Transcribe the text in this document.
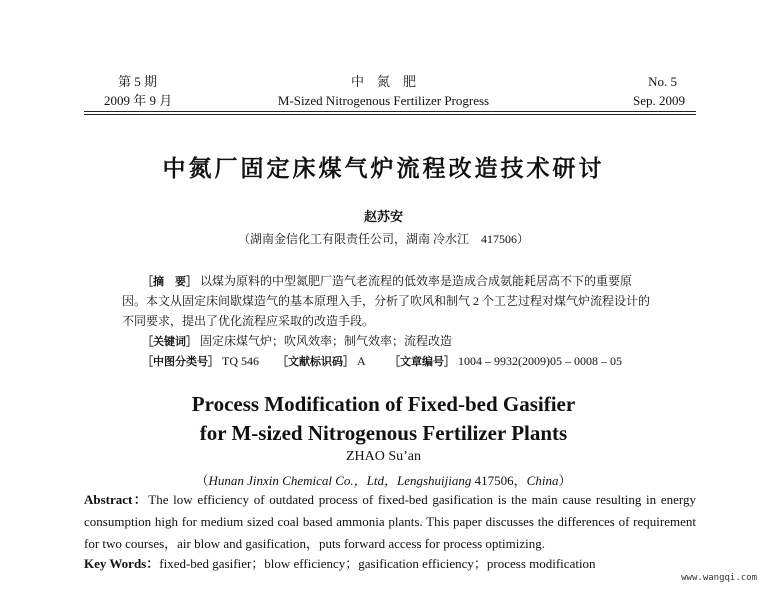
第 5 期
2009 年 9 月
中　氮　肥
M-Sized Nitrogenous Fertilizer Progress
No. 5
Sep. 2009
中氮厂固定床煤气炉流程改造技术研讨
赵苏安
（湖南金信化工有限责任公司，湖南 冷水江　417506）
［摘　要］ 以煤为原料的中型氮肥厂造气老流程的低效率是造成合成氨能耗居高不下的重要原
因。本文从固定床间歇煤造气的基本原理入手，分析了吹风和制气 2 个工艺过程对煤气炉流程设计的
不同要求，提出了优化流程应采取的改造手段。
［关键词］ 固定床煤气炉；吹风效率；制气效率；流程改造
［中图分类号］ TQ 546 ［文献标识码］ A ［文章编号］ 1004 – 9932(2009)05 – 0008 – 05
Process Modification of Fixed-bed Gasifier
for M-sized Nitrogenous Fertilizer Plants
ZHAO Su’an
（Hunan Jinxin Chemical Co.，Ltd，Lengshuijiang 417506，China）
Abstract：The low efficiency of outdated process of fixed-bed gasification is the main cause resulting in energy consumption high for medium sized coal based ammonia plants. This paper discusses the differences of requirement for two courses，air blow and gasification，puts forward access for process optimizing.
Key Words：fixed-bed gasifier；blow efficiency；gasification efficiency；process modification
www.wangqi.com
